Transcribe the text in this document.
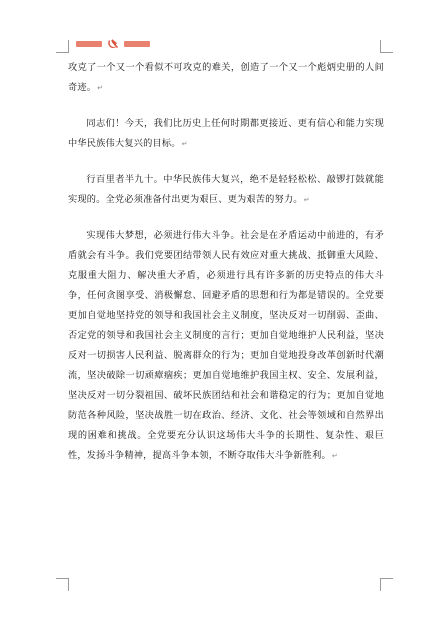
攻克了一个又一个看似不可攻克的难关，创造了一个又一个彪炳史册的人间奇迹。↵

同志们！今天，我们比历史上任何时期都更接近、更有信心和能力实现中华民族伟大复兴的目标。↵

行百里者半九十。中华民族伟大复兴，绝不是轻轻松松、敲锣打鼓就能实现的。全党必须准备付出更为艰巨、更为艰苦的努力。↵

实现伟大梦想，必须进行伟大斗争。社会是在矛盾运动中前进的，有矛盾就会有斗争。我们党要团结带领人民有效应对重大挑战、抵御重大风险、克服重大阻力、解决重大矛盾，必须进行具有许多新的历史特点的伟大斗争，任何贪图享受、消极懈怠、回避矛盾的思想和行为都是错误的。全党要更加自觉地坚持党的领导和我国社会主义制度，坚决反对一切削弱、歪曲、否定党的领导和我国社会主义制度的言行；更加自觉地维护人民利益，坚决反对一切损害人民利益、脱离群众的行为；更加自觉地投身改革创新时代潮流，坚决破除一切顽瘴痼疾；更加自觉地维护我国主权、安全、发展利益，坚决反对一切分裂祖国、破坏民族团结和社会和谐稳定的行为；更加自觉地防范各种风险，坚决战胜一切在政治、经济、文化、社会等领域和自然界出现的困难和挑战。全党要充分认识这场伟大斗争的长期性、复杂性、艰巨性，发扬斗争精神，提高斗争本领，不断夺取伟大斗争新胜利。↵
